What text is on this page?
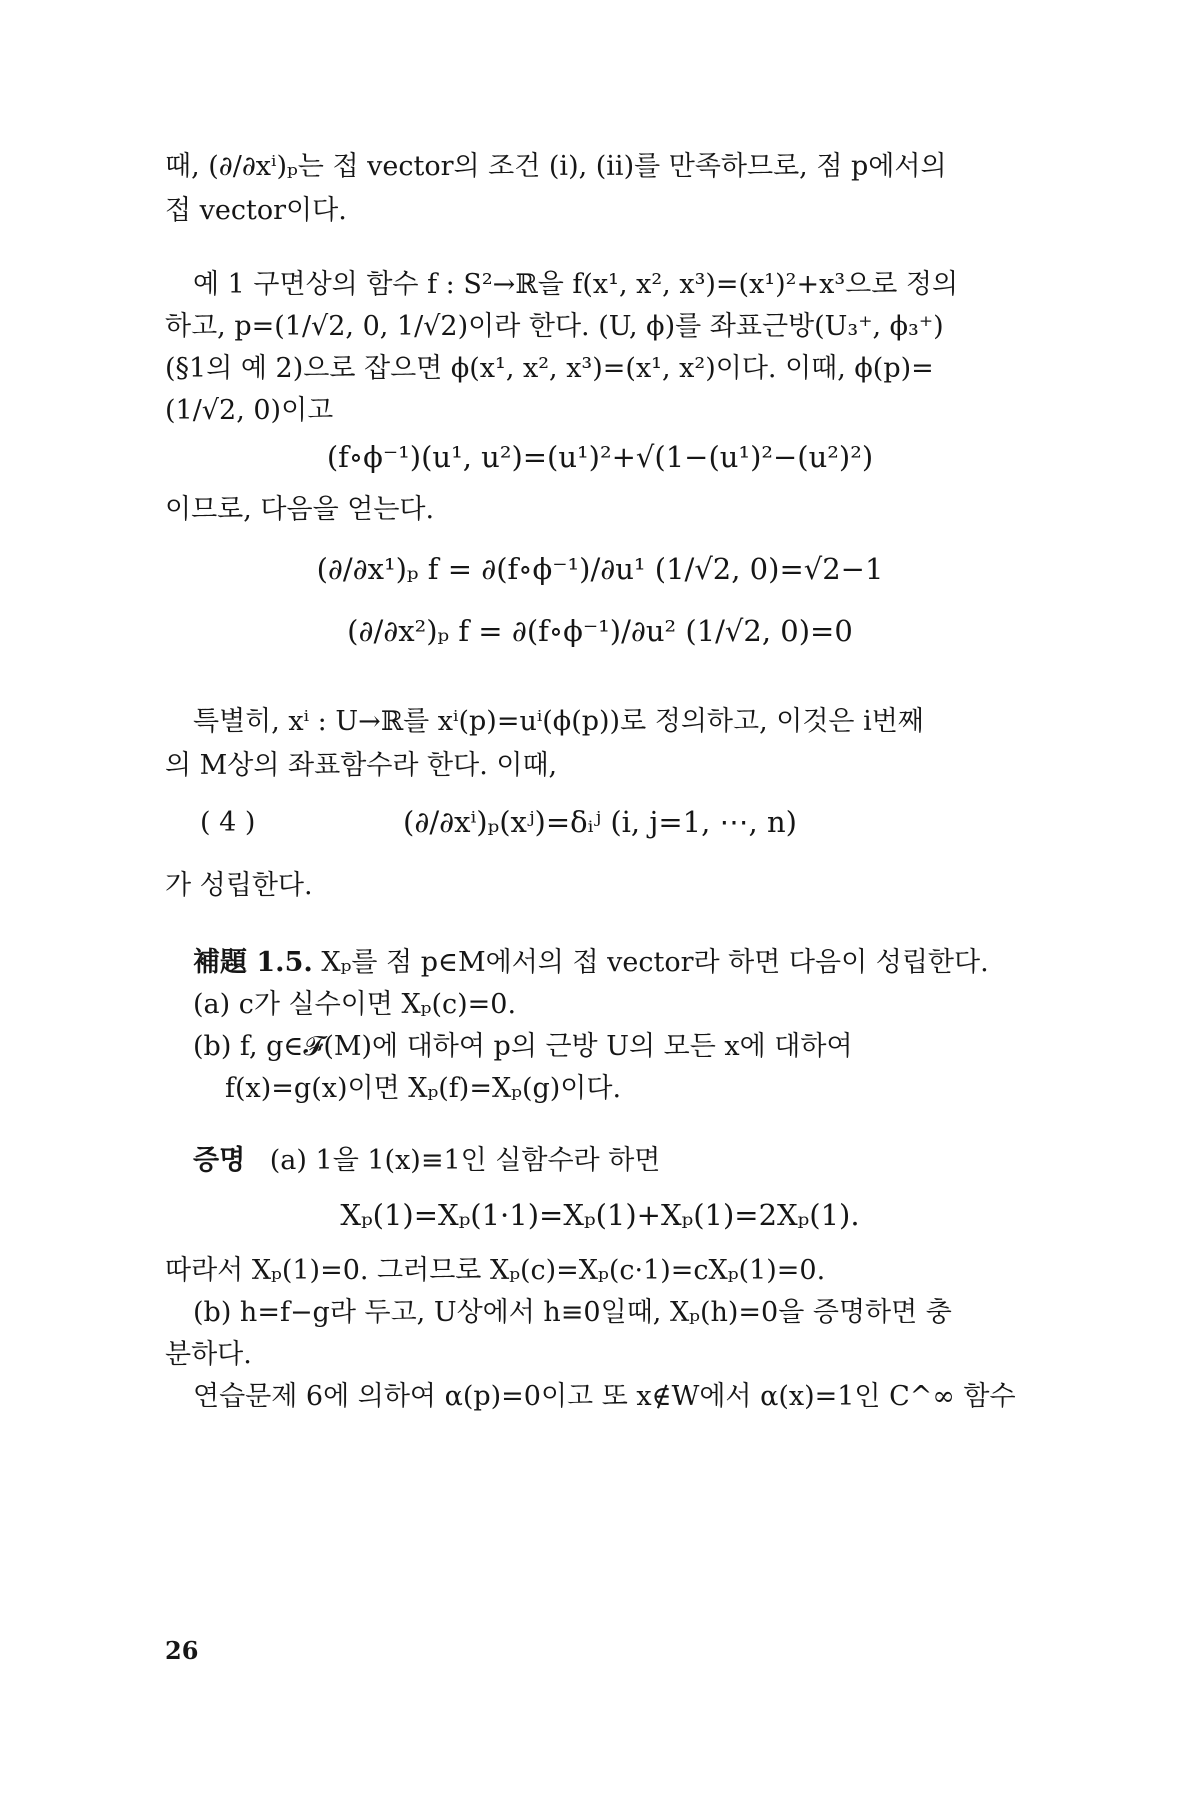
때, (∂/∂xⁱ)ₚ는 접 vector의 조건 (i), (ii)를 만족하므로, 점 p에서의
접 vector이다.
예 1 구면상의 함수 f : S²→ℝ을 f(x¹, x², x³)=(x¹)²+x³으로 정의
하고, p=(1/√2, 0, 1/√2)이라 한다. (U, ϕ)를 좌표근방(U₃⁺, ϕ₃⁺)
(§1의 예 2)으로 잡으면 ϕ(x¹, x², x³)=(x¹, x²)이다. 이때, ϕ(p)=
(1/√2, 0)이고
(f∘ϕ⁻¹)(u¹, u²)=(u¹)²+√(1−(u¹)²−(u²)²)
이므로, 다음을 얻는다.
(∂/∂x¹)ₚ f = ∂(f∘ϕ⁻¹)/∂u¹ (1/√2, 0)=√2−1
(∂/∂x²)ₚ f = ∂(f∘ϕ⁻¹)/∂u² (1/√2, 0)=0
특별히, xⁱ : U→ℝ를 xⁱ(p)=uⁱ(ϕ(p))로 정의하고, 이것은 i번째
의 M상의 좌표함수라 한다. 이때,
( 4 )	(∂/∂xⁱ)ₚ(xʲ)=δᵢʲ (i, j=1, ⋯, n)
가 성립한다.
補題 1.5. Xₚ를 점 p∈M에서의 접 vector라 하면 다음이 성립한다.
(a) c가 실수이면 Xₚ(c)=0.
(b) f, g∈𝓕(M)에 대하여 p의 근방 U의 모든 x에 대하여
f(x)=g(x)이면 Xₚ(f)=Xₚ(g)이다.
증명 (a) 1을 1(x)≡1인 실함수라 하면
Xₚ(1)=Xₚ(1·1)=Xₚ(1)+Xₚ(1)=2Xₚ(1).
따라서 Xₚ(1)=0. 그러므로 Xₚ(c)=Xₚ(c·1)=cXₚ(1)=0.
(b) h=f−g라 두고, U상에서 h≡0일때, Xₚ(h)=0을 증명하면 충
분하다.
연습문제 6에 의하여 α(p)=0이고 또 x∉W에서 α(x)=1인 C^∞ 함수
26
